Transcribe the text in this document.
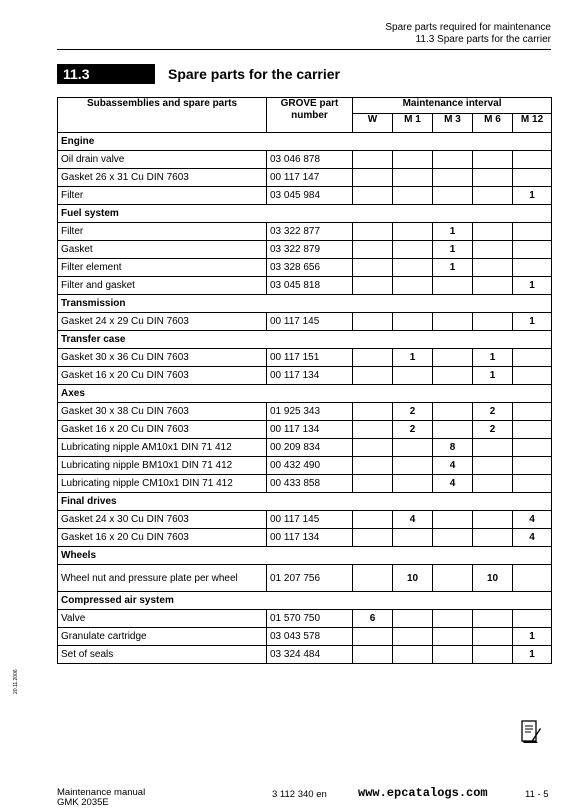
Spare parts required for maintenance
11.3 Spare parts for the carrier
11.3	Spare parts for the carrier
Subassemblies and spare parts	GROVE part number	Maintenance interval				
		W	M 1	M 3	M 6	M 12
Engine						
Oil drain valve	03 046 878					
Gasket 26 x 31 Cu DIN 7603	00 117 147					
Filter	03 045 984					1
Fuel system						
Filter	03 322 877			1		
Gasket	03 322 879			1		
Filter element	03 328 656			1		
Filter and gasket	03 045 818					1
Transmission						
Gasket 24 x 29 Cu DIN 7603	00 117 145					1
Transfer case						
Gasket 30 x 36 Cu DIN 7603	00 117 151		1		1	
Gasket 16 x 20 Cu DIN 7603	00 117 134				1	
Axes						
Gasket 30 x 38 Cu DIN 7603	01 925 343		2		2	
Gasket 16 x 20 Cu DIN 7603	00 117 134		2		2	
Lubricating nipple AM10x1 DIN 71 412	00 209 834			8		
Lubricating nipple BM10x1 DIN 71 412	00 432 490			4		
Lubricating nipple CM10x1 DIN 71 412	00 433 858			4		
Final drives						
Gasket 24 x 30 Cu DIN 7603	00 117 145		4			4
Gasket 16 x 20 Cu DIN 7603	00 117 134					4
Wheels						
Wheel nut and pressure plate per wheel	01 207 756		10		10	
Compressed air system						
Valve	01 570 750	6				
Granulate cartridge	03 043 578					1
Set of seals	03 324 484					1
20.11.2006
Maintenance manual
GMK 2035E
3 112 340 en	www.epcatalogs.com	11 - 5
